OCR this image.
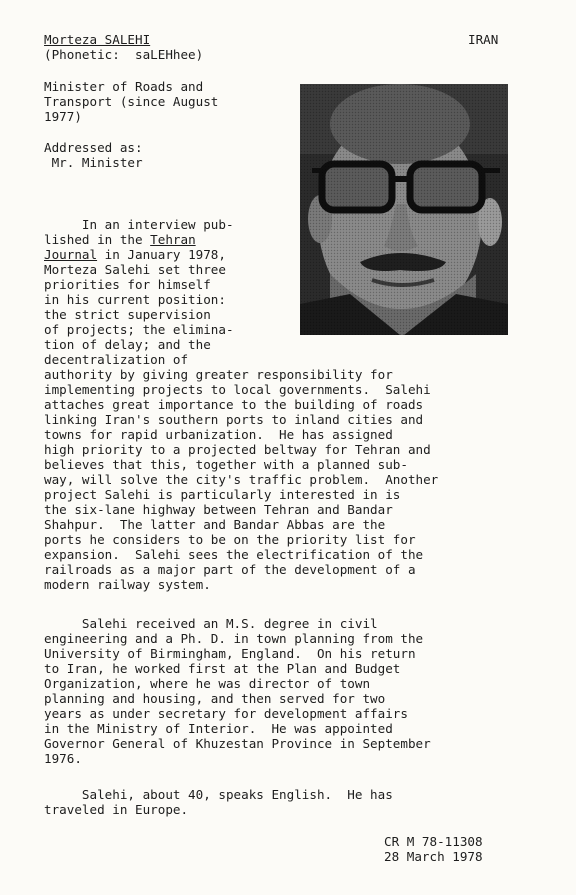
Morteza SALEHI
(Phonetic:  saLEHhee)
IRAN
Minister of Roads and
Transport (since August
1977)
Addressed as:
Mr. Minister
In an interview pub-
lished in the Tehran
Journal in January 1978,
Morteza Salehi set three
priorities for himself
in his current position:
the strict supervision
of projects; the elimina-
tion of delay; and the
decentralization of
authority by giving greater responsibility for
implementing projects to local governments.  Salehi
attaches great importance to the building of roads
linking Iran's southern ports to inland cities and
towns for rapid urbanization.  He has assigned
high priority to a projected beltway for Tehran and
believes that this, together with a planned sub-
way, will solve the city's traffic problem.  Another
project Salehi is particularly interested in is
the six-lane highway between Tehran and Bandar
Shahpur.  The latter and Bandar Abbas are the
ports he considers to be on the priority list for
expansion.  Salehi sees the electrification of the
railroads as a major part of the development of a
modern railway system.
Salehi received an M.S. degree in civil
engineering and a Ph. D. in town planning from the
University of Birmingham, England.  On his return
to Iran, he worked first at the Plan and Budget
Organization, where he was director of town
planning and housing, and then served for two
years as under secretary for development affairs
in the Ministry of Interior.  He was appointed
Governor General of Khuzestan Province in September
1976.
Salehi, about 40, speaks English.  He has
traveled in Europe.
CR M 78-11308
28 March 1978
